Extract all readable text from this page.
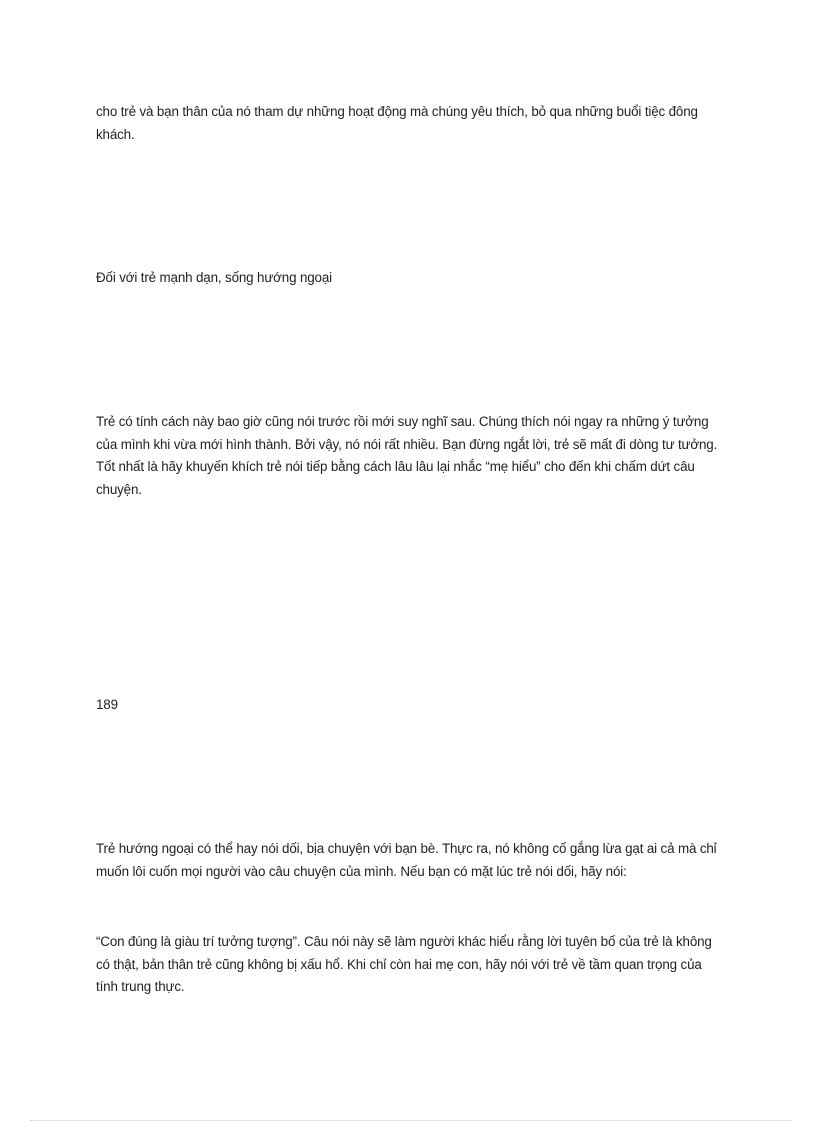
cho trẻ và bạn thân của nó tham dự những hoạt động mà chúng yêu thích, bỏ qua những buổi tiệc đông khách.

Đối với trẻ mạnh dạn, sống hướng ngoại

Trẻ có tính cách này bao giờ cũng nói trước rồi mới suy nghĩ sau. Chúng thích nói ngay ra những ý tưởng của mình khi vừa mới hình thành. Bởi vậy, nó nói rất nhiều. Bạn đừng ngắt lời, trẻ sẽ mất đi dòng tư tưởng. Tốt nhất là hãy khuyến khích trẻ nói tiếp bằng cách lâu lâu lại nhắc “mẹ hiểu” cho đến khi chấm dứt câu chuyện.

189

Trẻ hướng ngoại có thể hay nói dối, bịa chuyện với bạn bè. Thực ra, nó không cố gắng lừa gạt ai cả mà chỉ muốn lôi cuốn mọi người vào câu chuyện của mình. Nếu bạn có mặt lúc trẻ nói dối, hãy nói:

“Con đúng là giàu trí tưởng tượng”. Câu nói này sẽ làm người khác hiểu rằng lời tuyên bố của trẻ là không có thật, bản thân trẻ cũng không bị xấu hổ. Khi chỉ còn hai mẹ con, hãy nói với trẻ về tầm quan trọng của tính trung thực.
